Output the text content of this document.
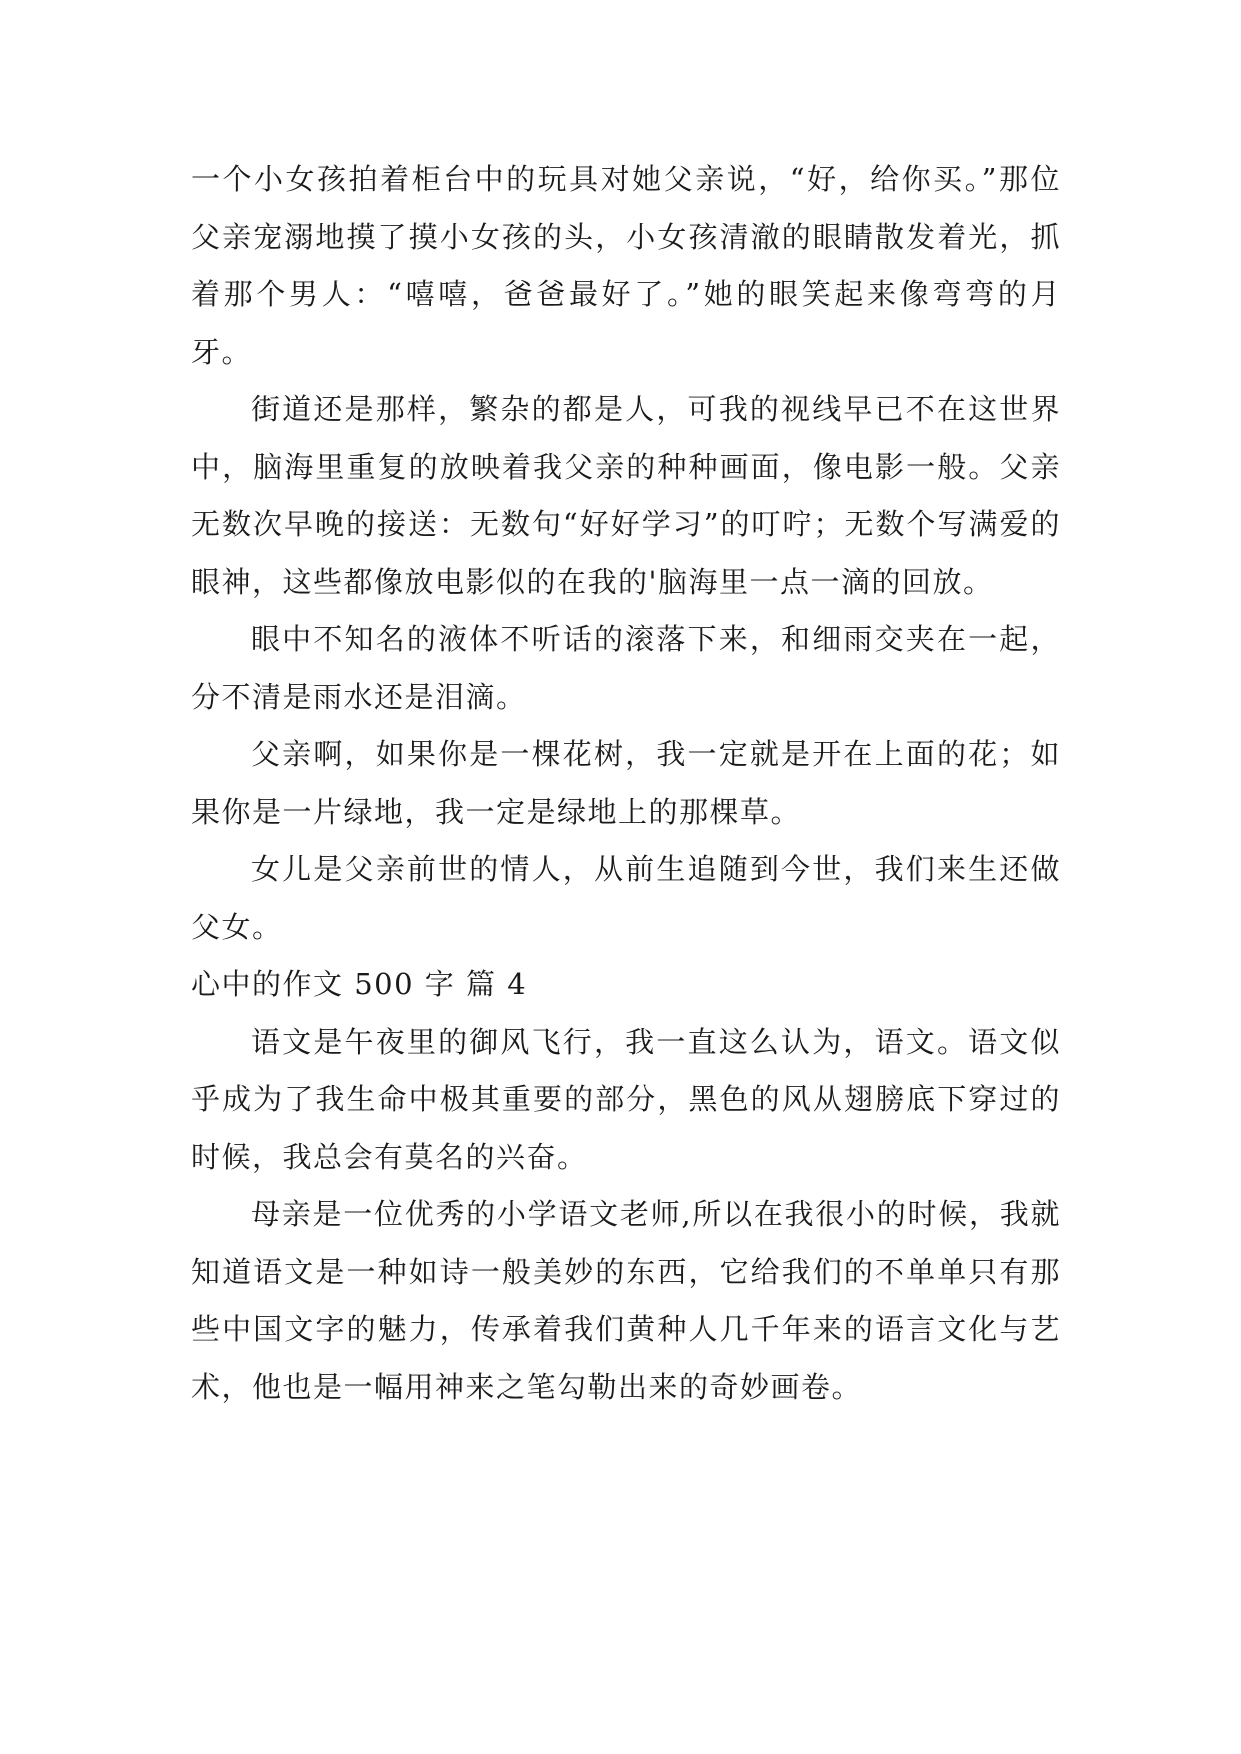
一个小女孩拍着柜台中的玩具对她父亲说，“好，给你买。”那位父亲宠溺地摸了摸小女孩的头，小女孩清澈的眼睛散发着光，抓着那个男人：“嘻嘻，爸爸最好了。”她的眼笑起来像弯弯的月牙。

街道还是那样，繁杂的都是人，可我的视线早已不在这世界中，脑海里重复的放映着我父亲的种种画面，像电影一般。父亲无数次早晚的接送：无数句“好好学习”的叮咛；无数个写满爱的眼神，这些都像放电影似的在我的'脑海里一点一滴的回放。

眼中不知名的液体不听话的滚落下来，和细雨交夹在一起，分不清是雨水还是泪滴。

父亲啊，如果你是一棵花树，我一定就是开在上面的花；如果你是一片绿地，我一定是绿地上的那棵草。

女儿是父亲前世的情人，从前生追随到今世，我们来生还做父女。

心中的作文 500 字 篇 4

语文是午夜里的御风飞行，我一直这么认为，语文。语文似乎成为了我生命中极其重要的部分，黑色的风从翅膀底下穿过的时候，我总会有莫名的兴奋。

母亲是一位优秀的小学语文老师,所以在我很小的时候，我就知道语文是一种如诗一般美妙的东西，它给我们的不单单只有那些中国文字的魅力，传承着我们黄种人几千年来的语言文化与艺术，他也是一幅用神来之笔勾勒出来的奇妙画卷。
